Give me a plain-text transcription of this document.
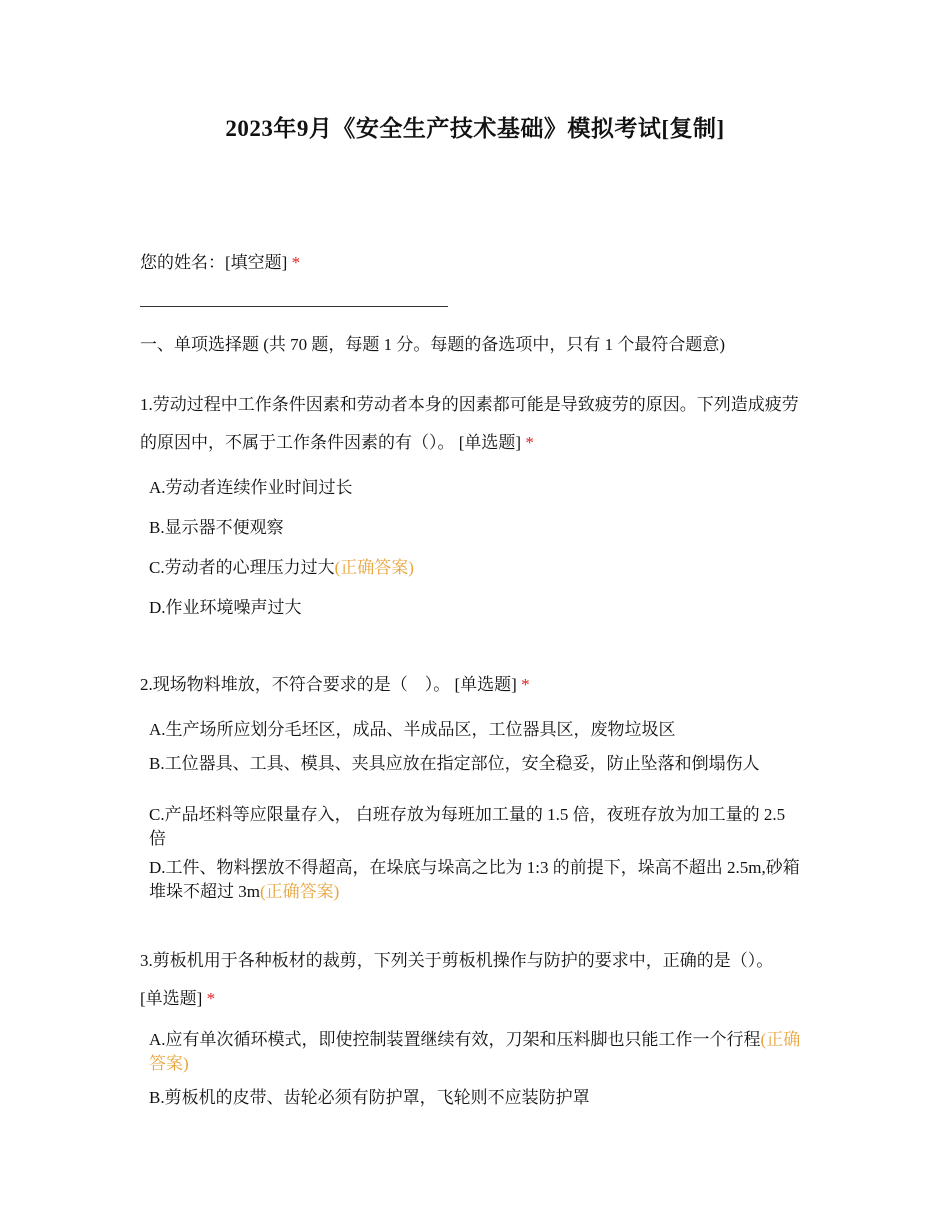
2023年9月《安全生产技术基础》模拟考试[复制]
您的姓名：[填空题] *
一、单项选择题 (共 70 题，每题 1 分。每题的备选项中，只有 1 个最符合题意)
1.劳动过程中工作条件因素和劳动者本身的因素都可能是导致疲劳的原因。下列造成疲劳的原因中，不属于工作条件因素的有（）。 [单选题] *
A.劳动者连续作业时间过长
B.显示器不便观察
C.劳动者的心理压力过大(正确答案)
D.作业环境噪声过大
2.现场物料堆放，不符合要求的是（　）。 [单选题] *
A.生产场所应划分毛坯区，成品、半成品区，工位器具区，废物垃圾区
B.工位器具、工具、模具、夹具应放在指定部位，安全稳妥，防止坠落和倒塌伤人
C.产品坯料等应限量存入， 白班存放为每班加工量的 1.5 倍，夜班存放为加工量的 2.5 倍
D.工件、物料摆放不得超高，在垛底与垛高之比为 1:3 的前提下，垛高不超出 2.5m,砂箱堆垛不超过 3m(正确答案)
3.剪板机用于各种板材的裁剪，下列关于剪板机操作与防护的要求中，正确的是（）。 [单选题] *
A.应有单次循环模式，即使控制装置继续有效，刀架和压料脚也只能工作一个行程(正确答案)
B.剪板机的皮带、齿轮必须有防护罩，飞轮则不应装防护罩
